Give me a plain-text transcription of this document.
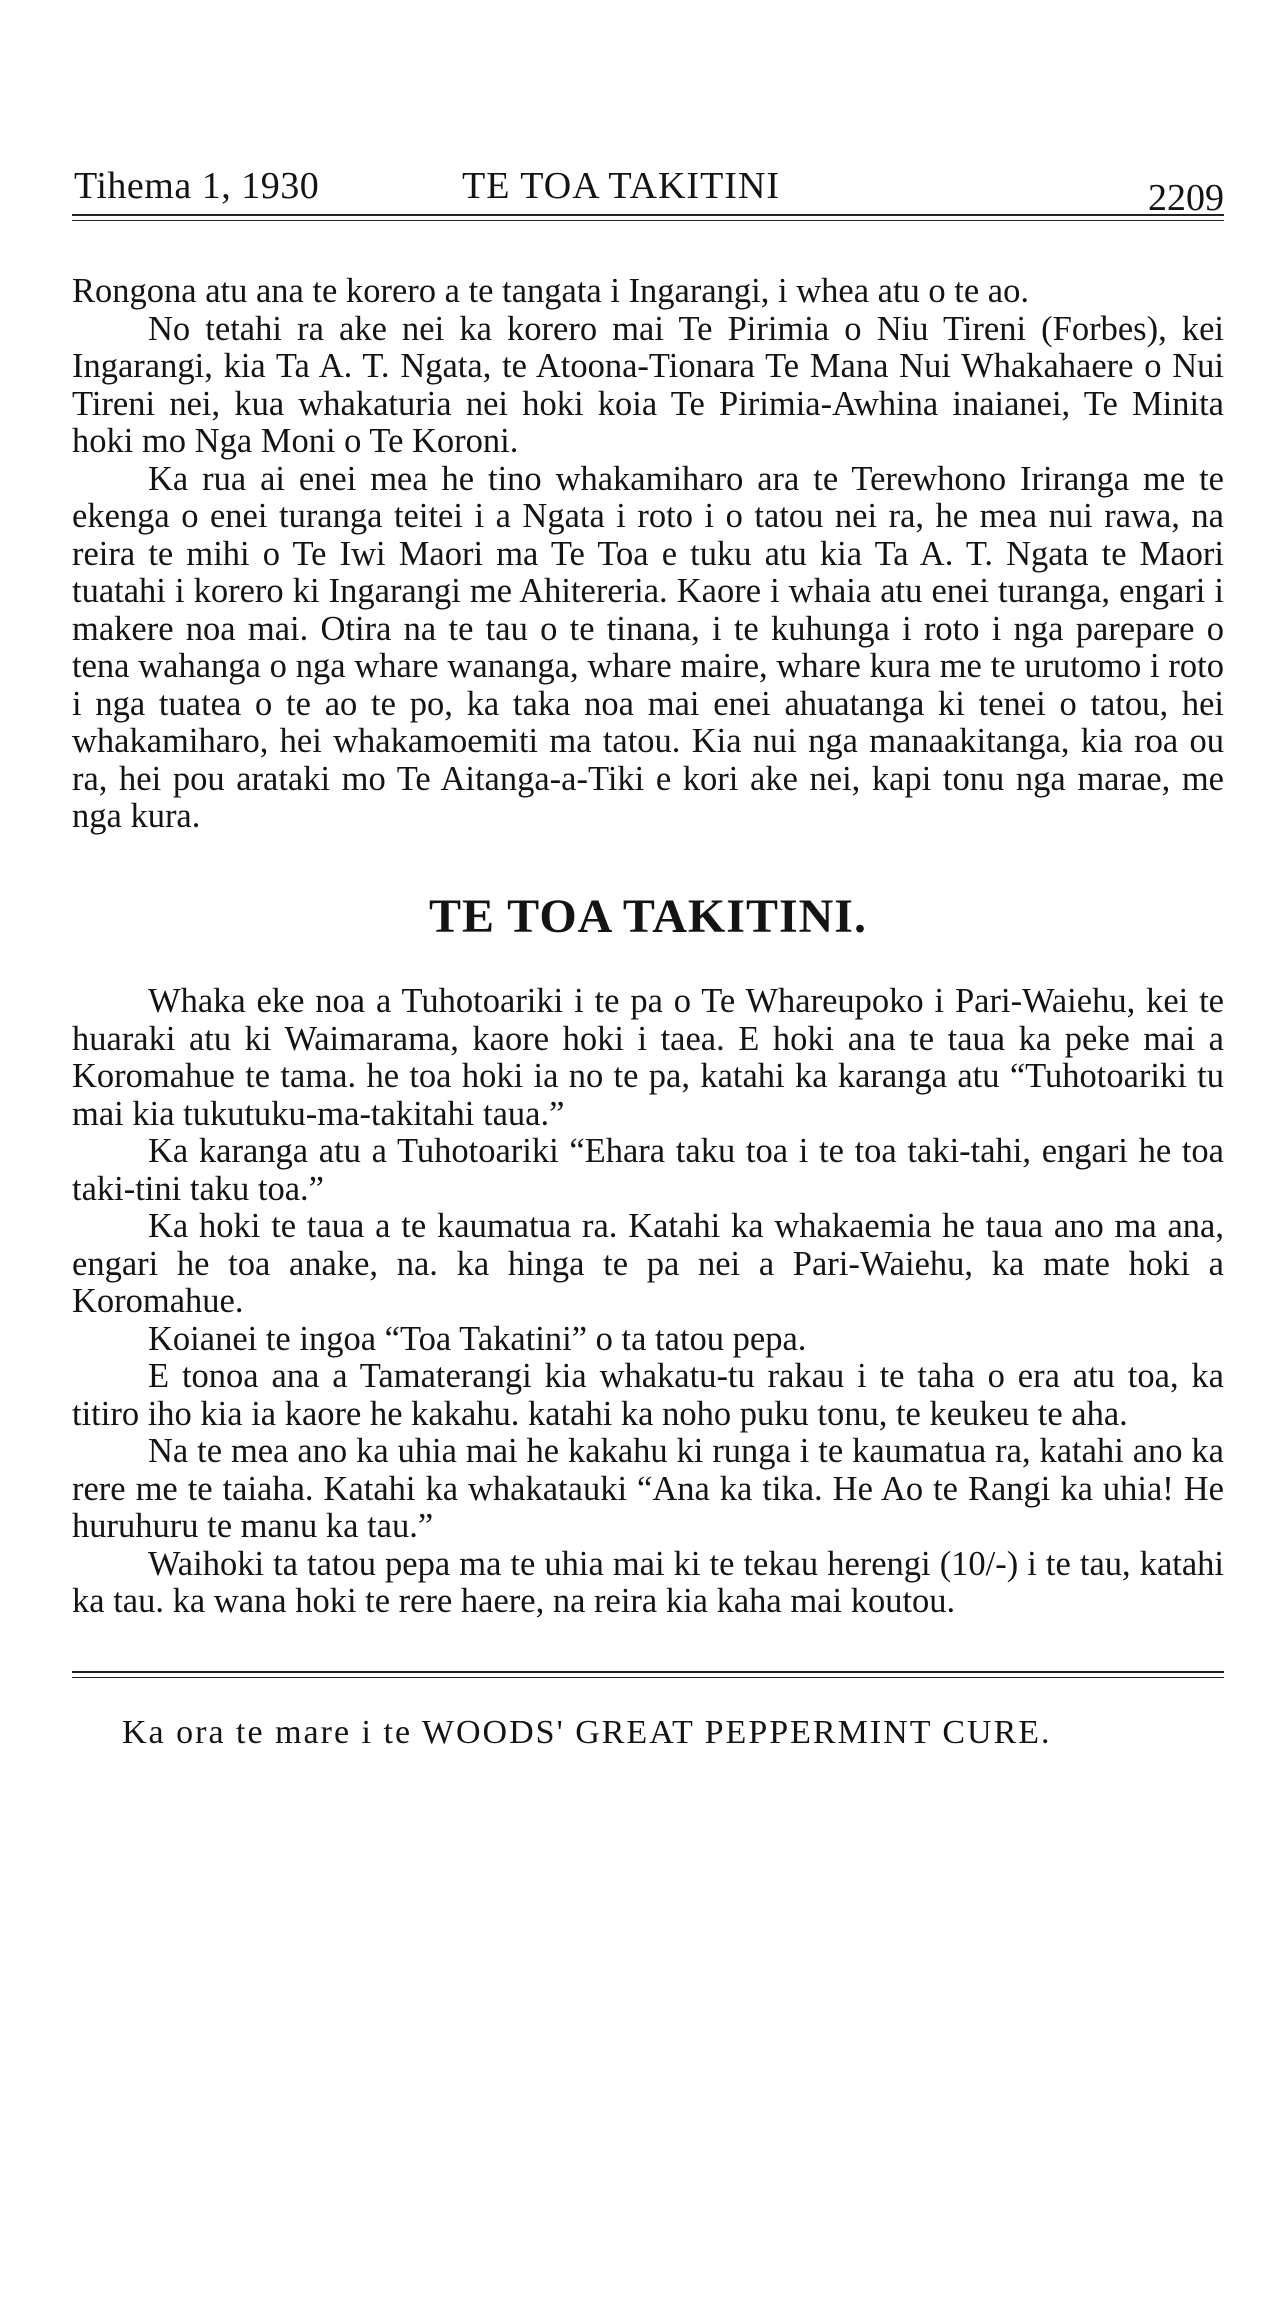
Tihema 1, 1930	TE TOA TAKITINI	2209

Rongona atu ana te korero a te tangata i Ingarangi, i whea atu o te ao.

No tetahi ra ake nei ka korero mai Te Pirimia o Niu Tireni (Forbes), kei Ingarangi, kia Ta A. T. Ngata, te Atoona-Tionara Te Mana Nui Whakahaere o Nui Tireni nei, kua whakaturia nei hoki koia Te Pirimia-Awhina inaianei, Te Minita hoki mo Nga Moni o Te Koroni.

Ka rua ai enei mea he tino whakamiharo ara te Terewhono Iriranga me te ekenga o enei turanga teitei i a Ngata i roto i o tatou nei ra, he mea nui rawa, na reira te mihi o Te Iwi Maori ma Te Toa e tuku atu kia Ta A. T. Ngata te Maori tuatahi i korero ki Ingarangi me Ahitereria. Kaore i whaia atu enei turanga, engari i makere noa mai. Otira na te tau o te tinana, i te kuhunga i roto i nga parepare o tena wahanga o nga whare wananga, whare maire, whare kura me te urutomo i roto i nga tuatea o te ao te po, ka taka noa mai enei ahuatanga ki tenei o tatou, hei whakamiharo, hei whakamoemiti ma tatou. Kia nui nga manaakitanga, kia roa ou ra, hei pou arataki mo Te Aitanga-a-Tiki e kori ake nei, kapi tonu nga marae, me nga kura.

TE TOA TAKITINI.

Whaka eke noa a Tuhotoariki i te pa o Te Whareupoko i Pari-Waiehu, kei te huaraki atu ki Waimarama, kaore hoki i taea. E hoki ana te taua ka peke mai a Koromahue te tama. he toa hoki ia no te pa, katahi ka karanga atu “Tuhotoariki tu mai kia tukutuku-ma-takitahi taua.”

Ka karanga atu a Tuhotoariki “Ehara taku toa i te toa taki-tahi, engari he toa taki-tini taku toa.”

Ka hoki te taua a te kaumatua ra. Katahi ka whakaemia he taua ano ma ana, engari he toa anake, na. ka hinga te pa nei a Pari-Waiehu, ka mate hoki a Koromahue.

Koianei te ingoa “Toa Takatini” o ta tatou pepa.

E tonoa ana a Tamaterangi kia whakatu-tu rakau i te taha o era atu toa, ka titiro iho kia ia kaore he kakahu. katahi ka noho puku tonu, te keukeu te aha.

Na te mea ano ka uhia mai he kakahu ki runga i te kaumatua ra, katahi ano ka rere me te taiaha. Katahi ka whakatauki “Ana ka tika. He Ao te Rangi ka uhia! He huruhuru te manu ka tau.”

Waihoki ta tatou pepa ma te uhia mai ki te tekau herengi (10/-) i te tau, katahi ka tau. ka wana hoki te rere haere, na reira kia kaha mai koutou.

Ka ora te mare i te WOODS' GREAT PEPPERMINT CURE.
